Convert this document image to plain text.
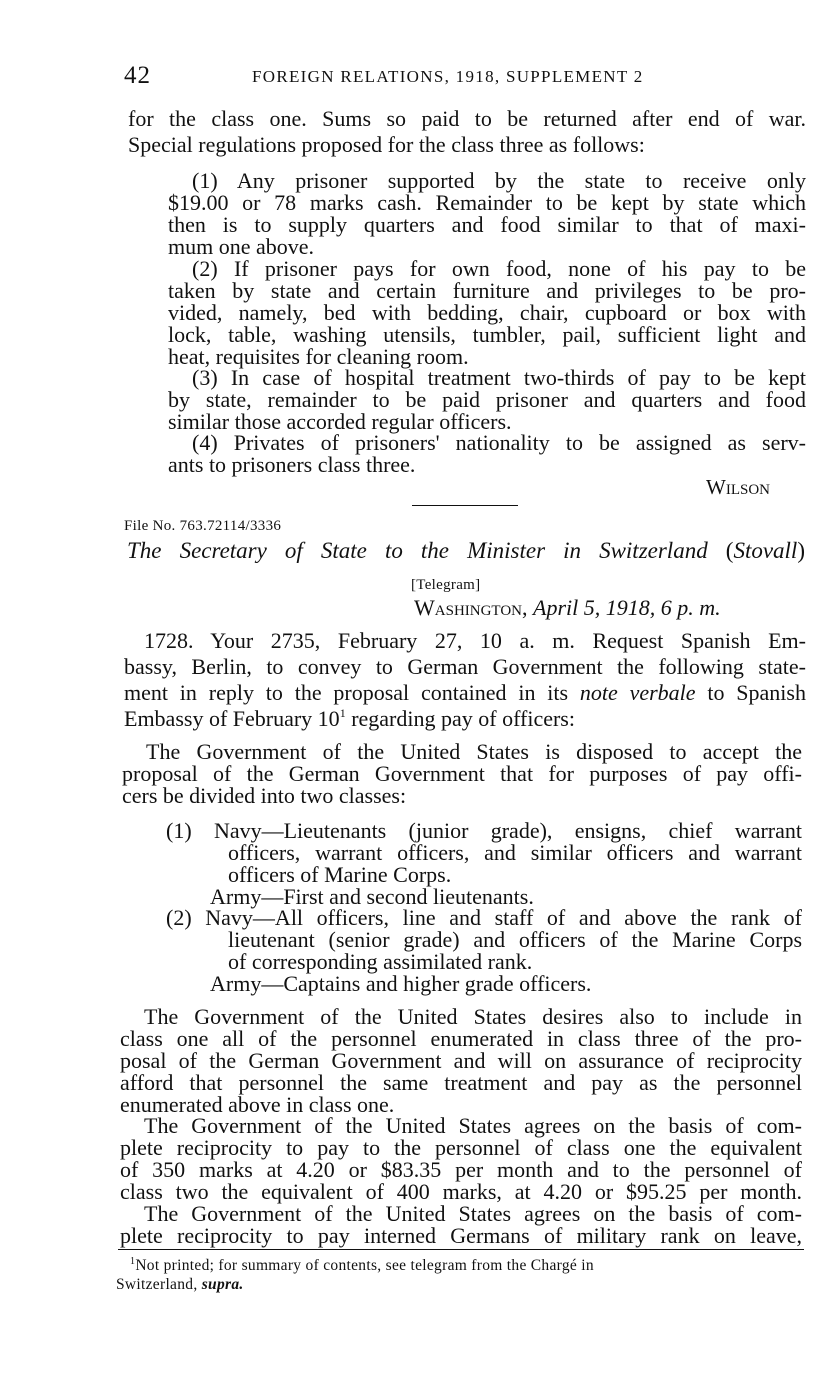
42	FOREIGN RELATIONS, 1918, SUPPLEMENT 2
for the class one. Sums so paid to be returned after end of war.
Special regulations proposed for the class three as follows:
(1) Any prisoner supported by the state to receive only
$19.00 or 78 marks cash. Remainder to be kept by state which
then is to supply quarters and food similar to that of maxi-
mum one above.
(2) If prisoner pays for own food, none of his pay to be
taken by state and certain furniture and privileges to be pro-
vided, namely, bed with bedding, chair, cupboard or box with
lock, table, washing utensils, tumbler, pail, sufficient light and
heat, requisites for cleaning room.
(3) In case of hospital treatment two-thirds of pay to be kept
by state, remainder to be paid prisoner and quarters and food
similar those accorded regular officers.
(4) Privates of prisoners' nationality to be assigned as serv-
ants to prisoners class three.
Wilson
File No. 763.72114/3336
The Secretary of State to the Minister in Switzerland (Stovall)
[Telegram]
Washington, April 5, 1918, 6 p. m.
1728. Your 2735, February 27, 10 a. m. Request Spanish Em-
bassy, Berlin, to convey to German Government the following state-
ment in reply to the proposal contained in its note verbale to Spanish
Embassy of February $10^1$ regarding pay of officers:
The Government of the United States is disposed to accept the
proposal of the German Government that for purposes of pay offi-
cers be divided into two classes:
(1) Navy—Lieutenants (junior grade), ensigns, chief warrant
officers, warrant officers, and similar officers and warrant
officers of Marine Corps.
Army—First and second lieutenants.
(2) Navy—All officers, line and staff of and above the rank of
lieutenant (senior grade) and officers of the Marine Corps
of corresponding assimilated rank.
Army—Captains and higher grade officers.
The Government of the United States desires also to include in
class one all of the personnel enumerated in class three of the pro-
posal of the German Government and will on assurance of reciprocity
afford that personnel the same treatment and pay as the personnel
enumerated above in class one.
The Government of the United States agrees on the basis of com-
plete reciprocity to pay to the personnel of class one the equivalent
of 350 marks at 4.20 or $83.35 per month and to the personnel of
class two the equivalent of 400 marks, at 4.20 or $95.25 per month.
The Government of the United States agrees on the basis of com-
plete reciprocity to pay interned Germans of military rank on leave,
$^1$Not printed; for summary of contents, see telegram from the Chargé in
Switzerland, supra.
